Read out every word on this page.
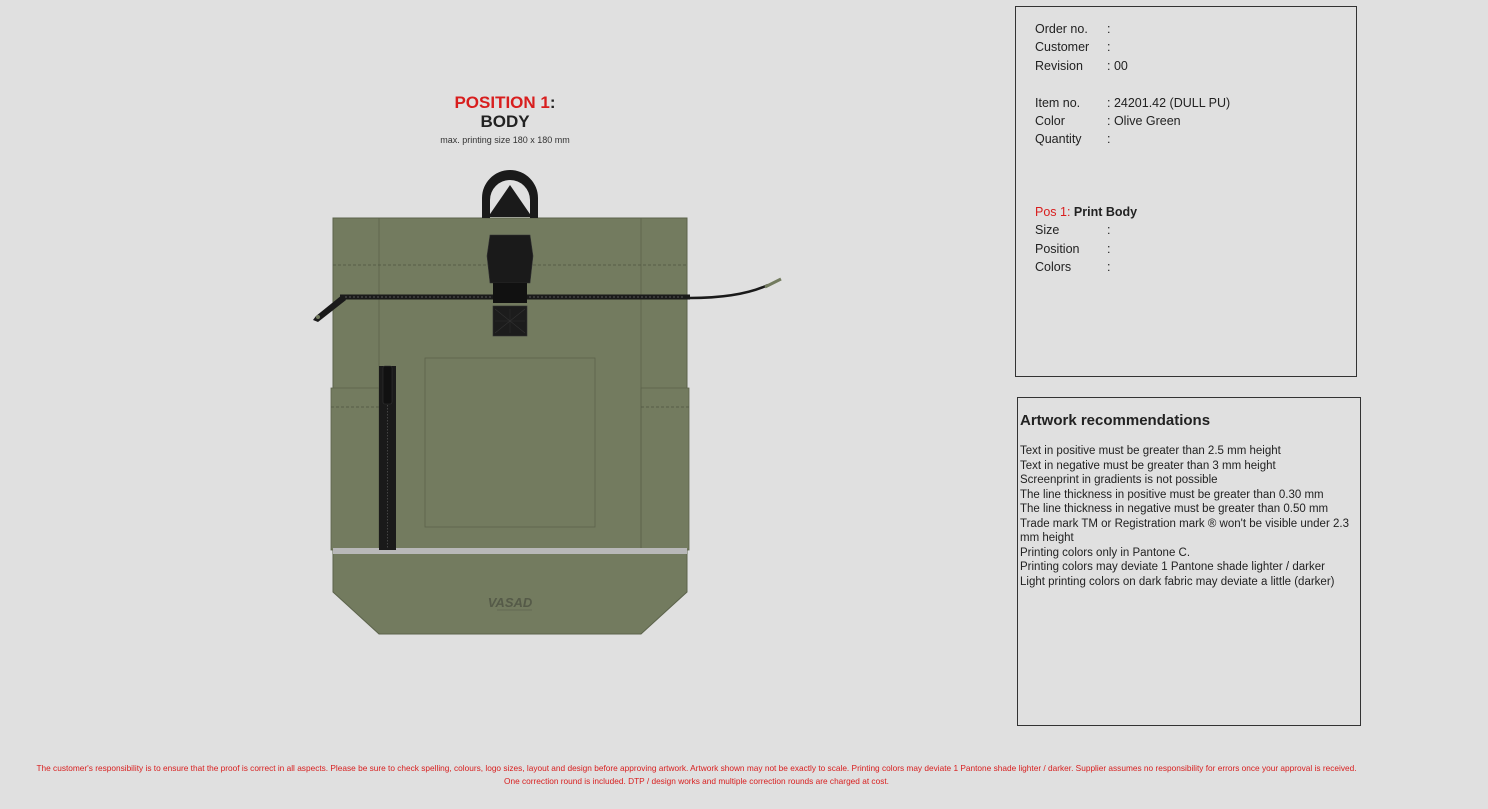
POSITION 1:
BODY
max. printing size 180 x 180 mm
VASAD
Order no. :
Customer :
Revision : 00
Item no. : 24201.42 (DULL PU)
Color	: Olive Green
Quantity :
Pos 1: Print Body
Size	:
Position :
Colors	:
Artwork recommendations
Text in positive must be greater than 2.5 mm height
Text in negative must be greater than 3 mm height
Screenprint in gradients is not possible
The line thickness in positive must be greater than 0.30 mm
The line thickness in negative must be greater than 0.50 mm
Trade mark TM or Registration mark ® won't be visible under 2.3 mm height
Printing colors only in Pantone C.
Printing colors may deviate 1 Pantone shade lighter / darker
Light printing colors on dark fabric may deviate a little (darker)
The customer's responsibility is to ensure that the proof is correct in all aspects. Please be sure to check spelling, colours, logo sizes, layout and design before approving artwork. Artwork shown may not be exactly to scale. Printing colors may deviate 1 Pantone shade lighter / darker. Supplier assumes no responsibility for errors once your approval is received.
One correction round is included. DTP / design works and multiple correction rounds are charged at cost.
